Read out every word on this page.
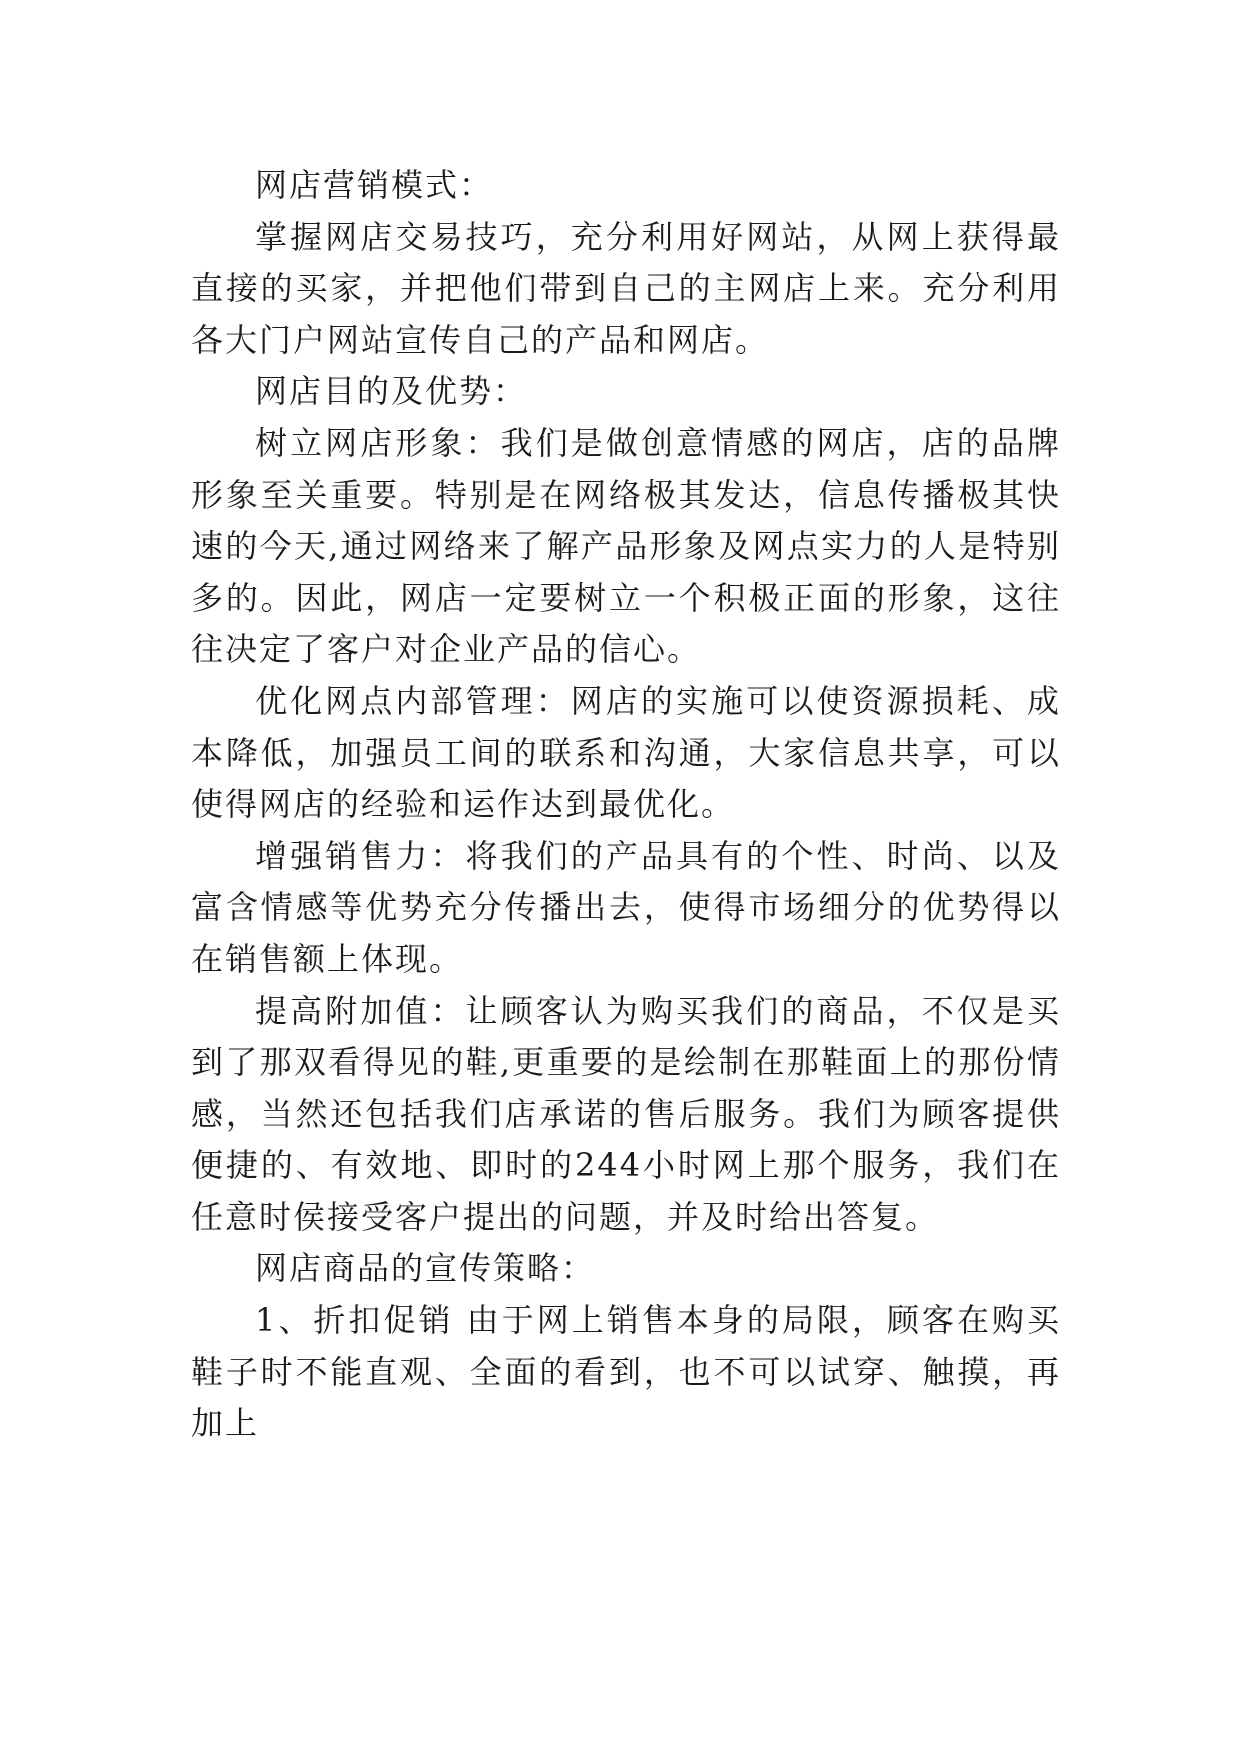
网店营销模式：

掌握网店交易技巧，充分利用好网站，从网上获得最直接的买家，并把他们带到自己的主网店上来。充分利用各大门户网站宣传自己的产品和网店。

网店目的及优势：

树立网店形象：我们是做创意情感的网店，店的品牌形象至关重要。特别是在网络极其发达，信息传播极其快速的今天,通过网络来了解产品形象及网点实力的人是特别多的。因此，网店一定要树立一个积极正面的形象，这往往决定了客户对企业产品的信心。

优化网点内部管理：网店的实施可以使资源损耗、成本降低，加强员工间的联系和沟通，大家信息共享，可以使得网店的经验和运作达到最优化。

增强销售力：将我们的产品具有的个性、时尚、以及富含情感等优势充分传播出去，使得市场细分的优势得以在销售额上体现。

提高附加值：让顾客认为购买我们的商品，不仅是买到了那双看得见的鞋,更重要的是绘制在那鞋面上的那份情感，当然还包括我们店承诺的售后服务。我们为顾客提供便捷的、有效地、即时的244小时网上那个服务，我们在任意时侯接受客户提出的问题，并及时给出答复。

网店商品的宣传策略：

1、折扣促销 由于网上销售本身的局限，顾客在购买鞋子时不能直观、全面的看到，也不可以试穿、触摸，再加上
